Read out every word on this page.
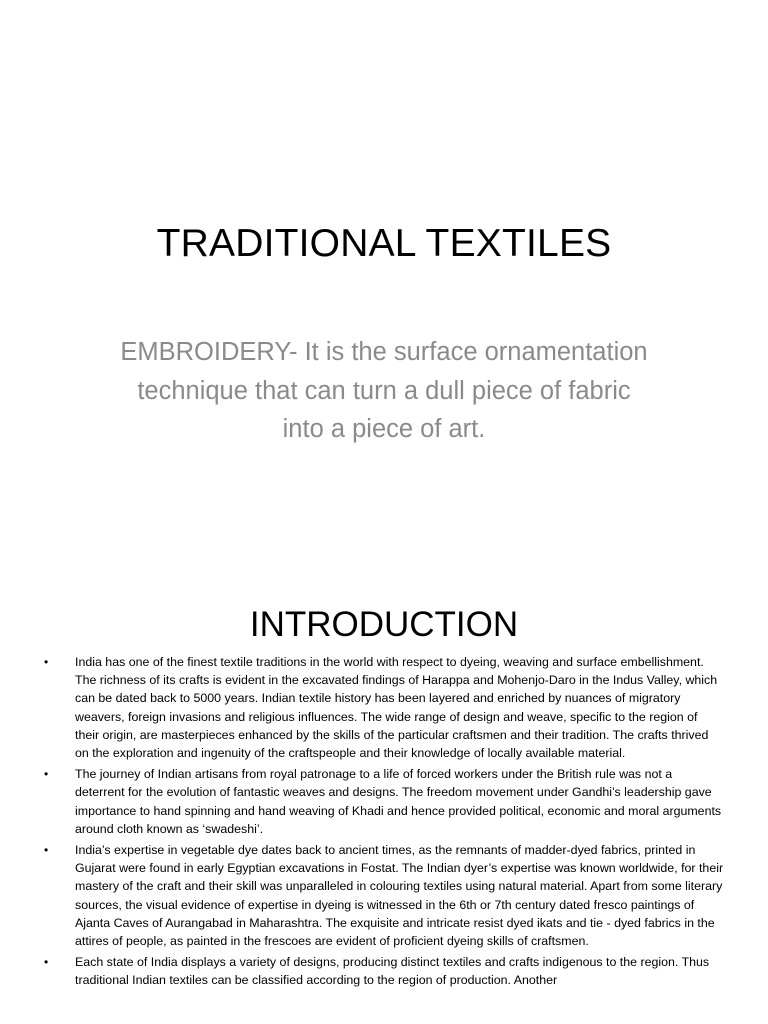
TRADITIONAL TEXTILES
EMBROIDERY- It is the surface ornamentation technique that can turn a dull piece of fabric into a piece of art.
INTRODUCTION
• India has one of the finest textile traditions in the world with respect to dyeing, weaving and surface embellishment. The richness of its crafts is evident in the excavated findings of Harappa and Mohenjo-Daro in the Indus Valley, which can be dated back to 5000 years. Indian textile history has been layered and enriched by nuances of migratory weavers, foreign invasions and religious influences. The wide range of design and weave, specific to the region of their origin, are masterpieces enhanced by the skills of the particular craftsmen and their tradition. The crafts thrived on the exploration and ingenuity of the craftspeople and their knowledge of locally available material.
• The journey of Indian artisans from royal patronage to a life of forced workers under the British rule was not a deterrent for the evolution of fantastic weaves and designs. The freedom movement under Gandhi’s leadership gave importance to hand spinning and hand weaving of Khadi and hence provided political, economic and moral arguments around cloth known as ‘swadeshi’.
• India’s expertise in vegetable dye dates back to ancient times, as the remnants of madder-dyed fabrics, printed in Gujarat were found in early Egyptian excavations in Fostat. The Indian dyer’s expertise was known worldwide, for their mastery of the craft and their skill was unparalleled in colouring textiles using natural material. Apart from some literary sources, the visual evidence of expertise in dyeing is witnessed in the 6th or 7th century dated fresco paintings of Ajanta Caves of Aurangabad in Maharashtra. The exquisite and intricate resist dyed ikats and tie - dyed fabrics in the attires of people, as painted in the frescoes are evident of proficient dyeing skills of craftsmen.
• Each state of India displays a variety of designs, producing distinct textiles and crafts indigenous to the region. Thus traditional Indian textiles can be classified according to the region of production. Another
